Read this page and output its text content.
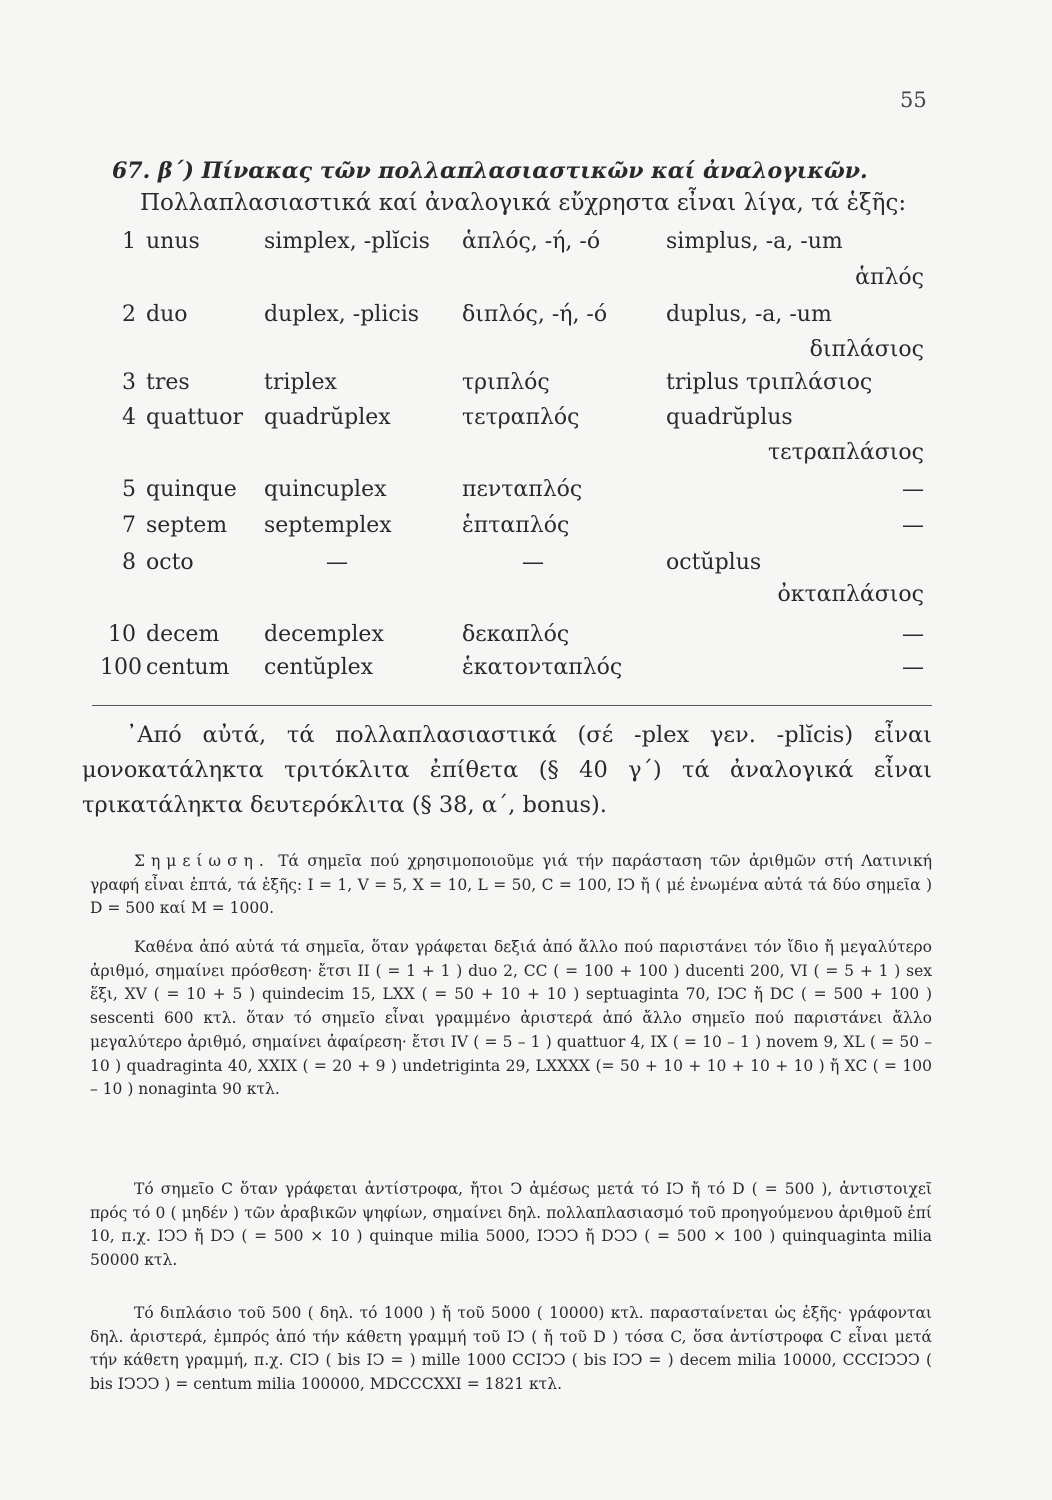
55
67. β΄) Πίνακας τῶν πολλαπλασιαστικῶν καί ἀναλογικῶν.
Πολλαπλασιαστικά καί ἀναλογικά εὔχρηστα εἶναι λίγα, τά ἑξῆς:
1 unus	simplex, -plĭcis ἁπλός, -ή, -ό	simplus, -a, -um
ἁπλός
2 duo	duplex, -plicis διπλός, -ή, -ό	duplus, -a, -um
διπλάσιος
3 tres	triplex	τριπλός	triplus τριπλάσιος
4 quattuor quadrŭplex	τετραπλός	quadrŭplus
τετραπλάσιος
5 quinque quincuplex	πενταπλός	—
7 septem septemplex	ἑπταπλός	—
8 octo	—	—	octŭplus
ὀκταπλάσιος
10 decem decemplex	δεκαπλός	—
100 centum centŭplex	ἑκατονταπλός	—
᾿Από αὐτά, τά πολλαπλασιαστικά (σέ -plex γεν. -plĭcis) εἶναι μονοκατάληκτα τριτόκλιτα ἐπίθετα (§ 40 γ΄) τά ἀναλογικά εἶναι τρικατάληκτα δευτερόκλιτα (§ 38, α΄, bonus).
Σημείωση. Τά σημεῖα πού χρησιμοποιοῦμε γιά τήν παράσταση τῶν ἀριθμῶν στή Λατινική γραφή εἶναι ἑπτά, τά ἑξῆς: I = 1, V = 5, X = 10, L = 50, C = 100, IↃ ἤ ( μέ ἑνωμένα αὐτά τά δύο σημεῖα ) D = 500 καί M = 1000.
Καθένα ἀπό αὐτά τά σημεῖα, ὅταν γράφεται δεξιά ἀπό ἄλλο πού παριστάνει τόν ἴδιο ἤ μεγαλύτερο ἀριθμό, σημαίνει πρόσθεση· ἔτσι II ( = 1 + 1 ) duo 2, CC ( = 100 + 100 ) ducenti 200, VI ( = 5 + 1 ) sex ἕξι, XV ( = 10 + 5 ) quindecim 15, LXX ( = 50 + 10 + 10 ) septuaginta 70, IↃC ἤ DC ( = 500 + 100 ) sescenti 600 κτλ. ὅταν τό σημεῖο εἶναι γραμμένο ἀριστερά ἀπό ἄλλο σημεῖο πού παριστάνει ἄλλο μεγαλύτερο ἀριθμό, σημαίνει ἀφαίρεση· ἔτσι IV ( = 5 – 1 ) quattuor 4, IX ( = 10 – 1 ) novem 9, XL ( = 50 – 10 ) quadraginta 40, XXIX ( = 20 + 9 ) undetriginta 29, LXXXX (= 50 + 10 + 10 + 10 + 10 ) ἤ XC ( = 100 – 10 ) nonaginta 90 κτλ.
Τό σημεῖο C ὅταν γράφεται ἀντίστροφα, ἤτοι Ↄ ἀμέσως μετά τό IↃ ἤ τό D ( = 500 ), ἀντιστοιχεῖ πρός τό 0 ( μηδέν ) τῶν ἀραβικῶν ψηφίων, σημαίνει δηλ. πολλαπλασιασμό τοῦ προηγούμενου ἀριθμοῦ ἐπί 10, π.χ. IↃↃ ἤ DↃ ( = 500 × 10 ) quinque milia 5000, IↃↃↃ ἤ DↃↃ ( = 500 × 100 ) quinquaginta milia 50000 κτλ.
Τό διπλάσιο τοῦ 500 ( δηλ. τό 1000 ) ἤ τοῦ 5000 ( 10000) κτλ. παρασταίνεται ὡς ἑξῆς· γράφονται δηλ. ἀριστερά, ἐμπρός ἀπό τήν κάθετη γραμμή τοῦ IↃ ( ἤ τοῦ D ) τόσα C, ὅσα ἀντίστροφα C εἶναι μετά τήν κάθετη γραμμή, π.χ. CIↃ ( bis IↃ = ) mille 1000 CCIↃↃ ( bis IↃↃ = ) decem milia 10000, CCCIↃↃↃ ( bis IↃↃↃ ) = centum milia 100000, MDCCCXXI = 1821 κτλ.
